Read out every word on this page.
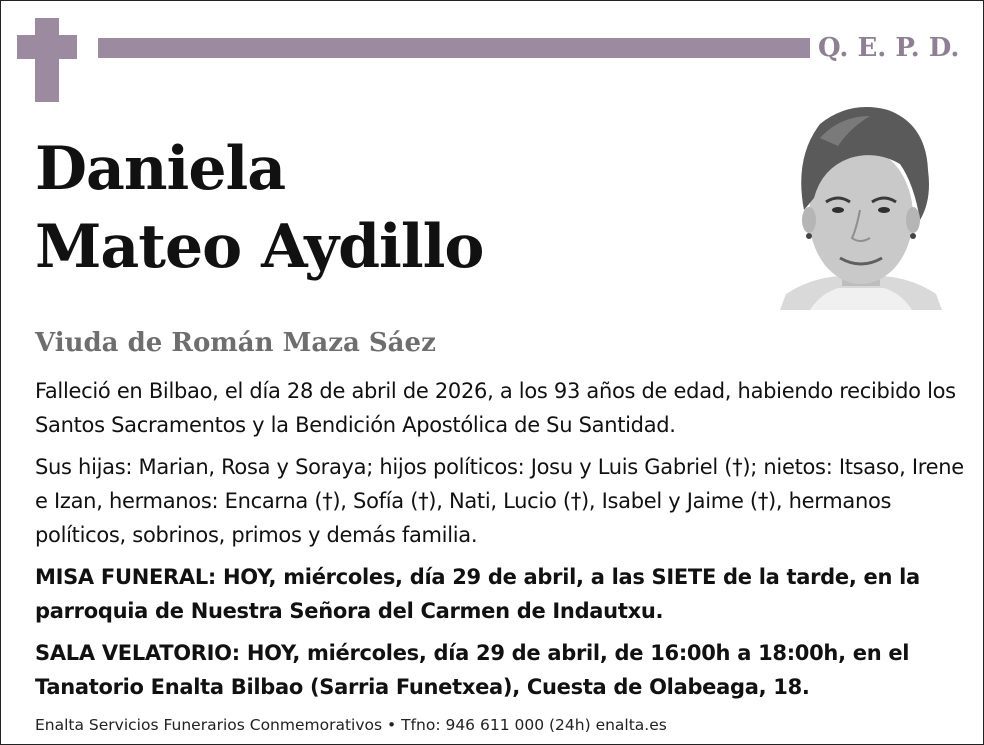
Q. E. P. D.
Daniela
Mateo Aydillo
Viuda de Román Maza Sáez

Falleció en Bilbao, el día 28 de abril de 2026, a los 93 años de edad, habiendo recibido los Santos Sacramentos y la Bendición Apostólica de Su Santidad.

Sus hijas: Marian, Rosa y Soraya; hijos políticos: Josu y Luis Gabriel (†); nietos: Itsaso, Irene e Izan, hermanos: Encarna (†), Sofía (†), Nati, Lucio (†), Isabel y Jaime (†), hermanos políticos, sobrinos, primos y demás familia.

MISA FUNERAL: HOY, miércoles, día 29 de abril, a las SIETE de la tarde, en la parroquia de Nuestra Señora del Carmen de Indautxu.

SALA VELATORIO: HOY, miércoles, día 29 de abril, de 16:00h a 18:00h, en el Tanatorio Enalta Bilbao (Sarria Funetxea), Cuesta de Olabeaga, 18.

Enalta Servicios Funerarios Conmemorativos • Tfno: 946 611 000 (24h) enalta.es
